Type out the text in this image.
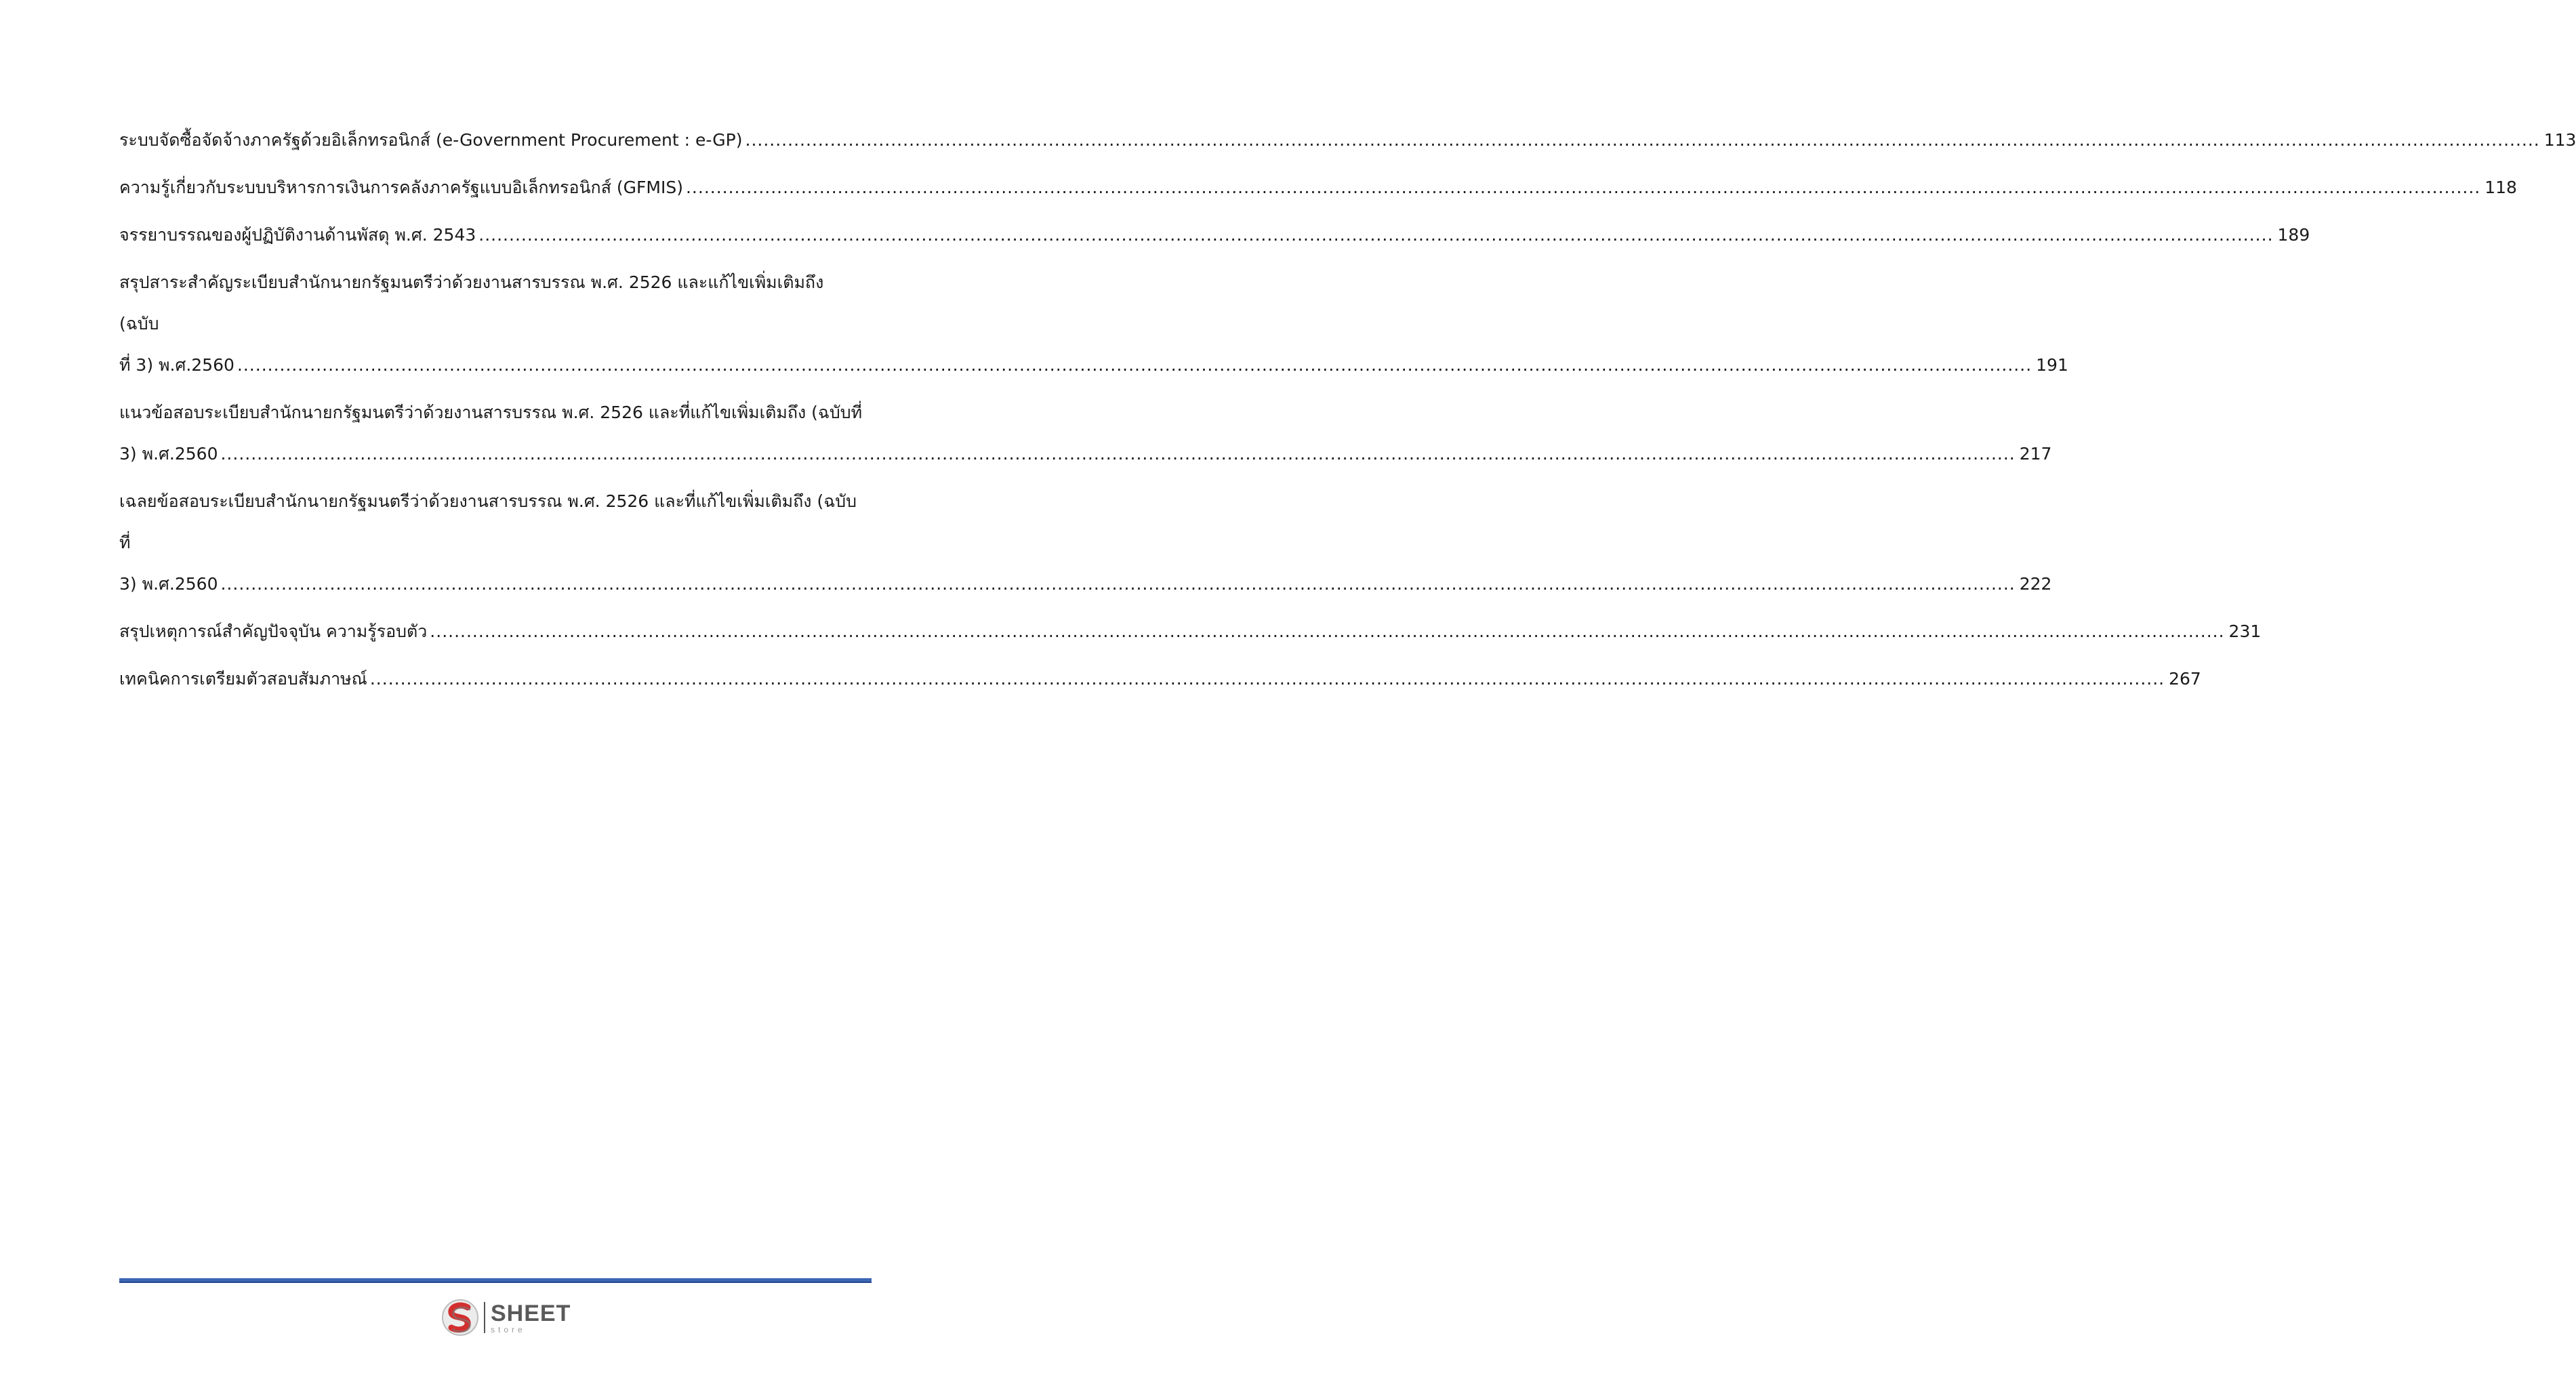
ระบบจัดซื้อจัดจ้างภาครัฐด้วยอิเล็กทรอนิกส์ (e-Government Procurement : e-GP) .....	113
ความรู้เกี่ยวกับระบบบริหารการเงินการคลังภาครัฐแบบอิเล็กทรอนิกส์ (GFMIS) .....	118
จรรยาบรรณของผู้ปฏิบัติงานด้านพัสดุ พ.ศ. 2543 .....	189
สรุปสาระสำคัญระเบียบสำนักนายกรัฐมนตรีว่าด้วยงานสารบรรณ พ.ศ. 2526 และแก้ไขเพิ่มเติมถึง (ฉบับ
ที่ 3) พ.ศ.2560 .....	191
แนวข้อสอบระเบียบสำนักนายกรัฐมนตรีว่าด้วยงานสารบรรณ พ.ศ. 2526 และที่แก้ไขเพิ่มเติมถึง (ฉบับที่
3) พ.ศ.2560 .....	217
เฉลยข้อสอบระเบียบสำนักนายกรัฐมนตรีว่าด้วยงานสารบรรณ พ.ศ. 2526 และที่แก้ไขเพิ่มเติมถึง (ฉบับที่
3) พ.ศ.2560 .....	222
สรุปเหตุการณ์สำคัญปัจจุบัน ความรู้รอบตัว .....	231
เทคนิคการเตรียมตัวสอบสัมภาษณ์ .....	267
SHEET
store
